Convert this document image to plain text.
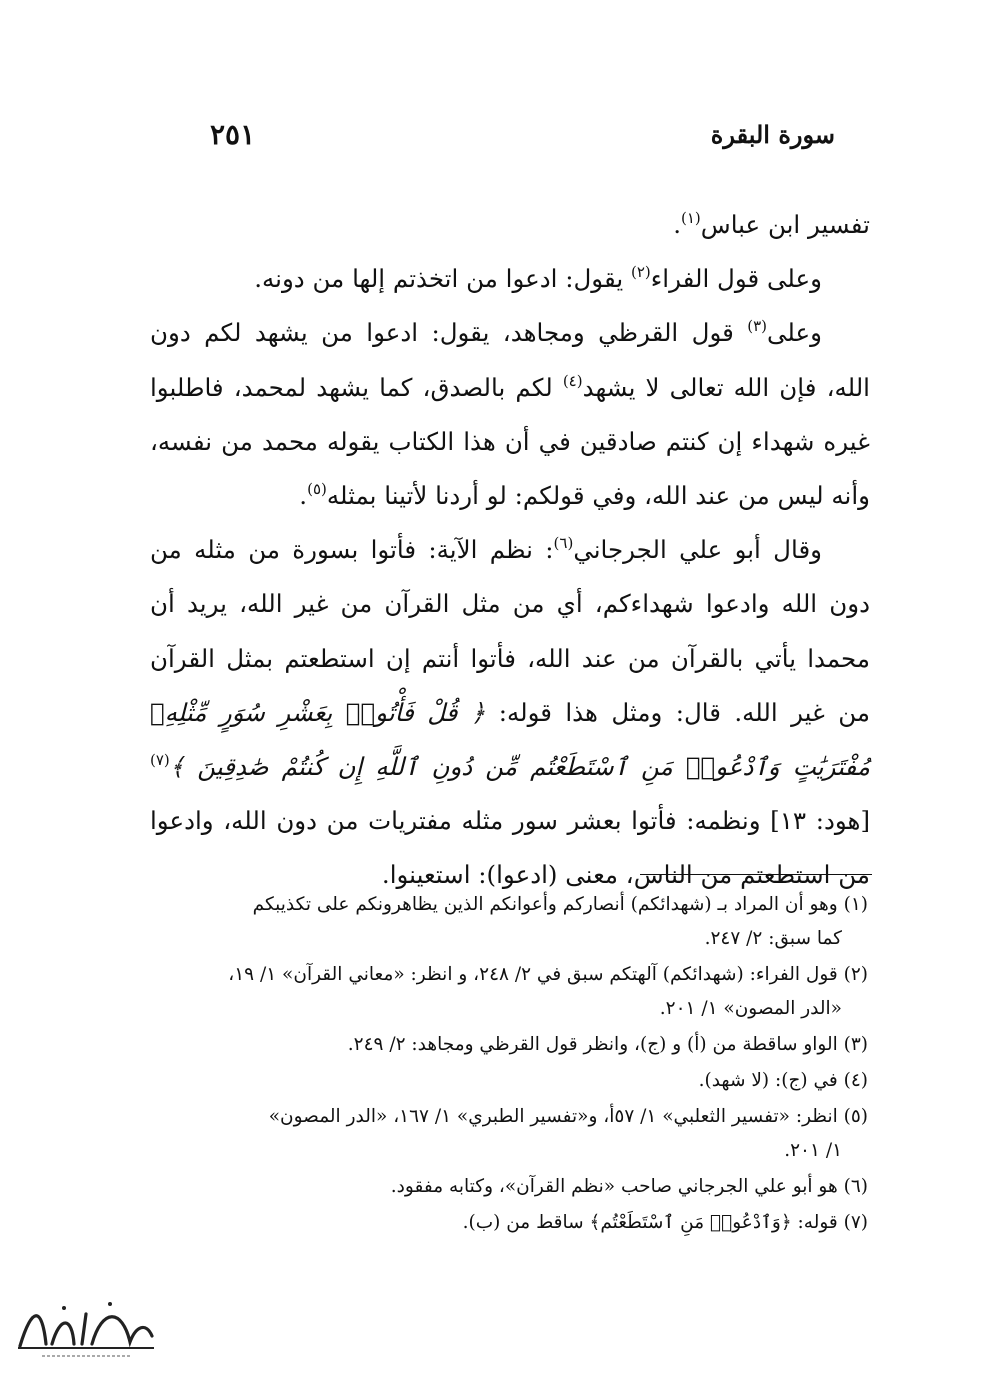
سورة البقرة
٢٥١

تفسير ابن عباس$^{(١)}$.

وعلى قول الفراء$^{(٢)}$ يقول: ادعوا من اتخذتم إلها من دونه.

وعلى$^{(٣)}$ قول القرظي ومجاهد، يقول: ادعوا من يشهد لكم دون الله، فإن الله تعالى لا يشهد$^{(٤)}$ لكم بالصدق، كما يشهد لمحمد، فاطلبوا غيره شهداء إن كنتم صادقين في أن هذا الكتاب يقوله محمد من نفسه، وأنه ليس من عند الله، وفي قولكم: لو أردنا لأتينا بمثله$^{(٥)}$.

وقال أبو علي الجرجاني$^{(٦)}$: نظم الآية: فأتوا بسورة من مثله من دون الله وادعوا شهداءكم، أي من مثل القرآن من غير الله، يريد أن محمدا يأتي بالقرآن من عند الله، فأتوا أنتم إن استطعتم بمثل القرآن من غير الله. قال: ومثل هذا قوله: ﴿ قُلْ فَأْتُوا۟ بِعَشْرِ سُوَرٍ مِّثْلِهِۦ مُفْتَرَيَٰتٍ وَٱدْعُوا۟ مَنِ ٱسْتَطَعْتُم مِّن دُونِ ٱللَّهِ إِن كُنتُمْ صَٰدِقِينَ ﴾$^{(٧)}$ [هود: ١٣] ونظمه: فأتوا بعشر سور مثله مفتريات من دون الله، وادعوا من استطعتم من الناس، معنى (ادعوا): استعينوا.

(١) وهو أن المراد بـ (شهدائكم) أنصاركم وأعوانكم الذين يظاهرونكم على تكذيبكم
كما سبق: ٢/ ٢٤٧.
(٢) قول الفراء: (شهدائكم) آلهتكم سبق في ٢/ ٢٤٨، و انظر: «معاني القرآن» ١/ ١٩،
«الدر المصون» ١/ ٢٠١.
(٣) الواو ساقطة من (أ) و (ج)، وانظر قول القرظي ومجاهد: ٢/ ٢٤٩.
(٤) في (ج): (لا شهد).
(٥) انظر: «تفسير الثعلبي» ١/ ٥٧أ، و«تفسير الطبري» ١/ ١٦٧، «الدر المصون»
١/ ٢٠١.
(٦) هو أبو علي الجرجاني صاحب «نظم القرآن»، وكتابه مفقود.
(٧) قوله: ﴿وَٱدْعُوا۟ مَنِ ٱسْتَطَعْتُم﴾ ساقط من (ب).
